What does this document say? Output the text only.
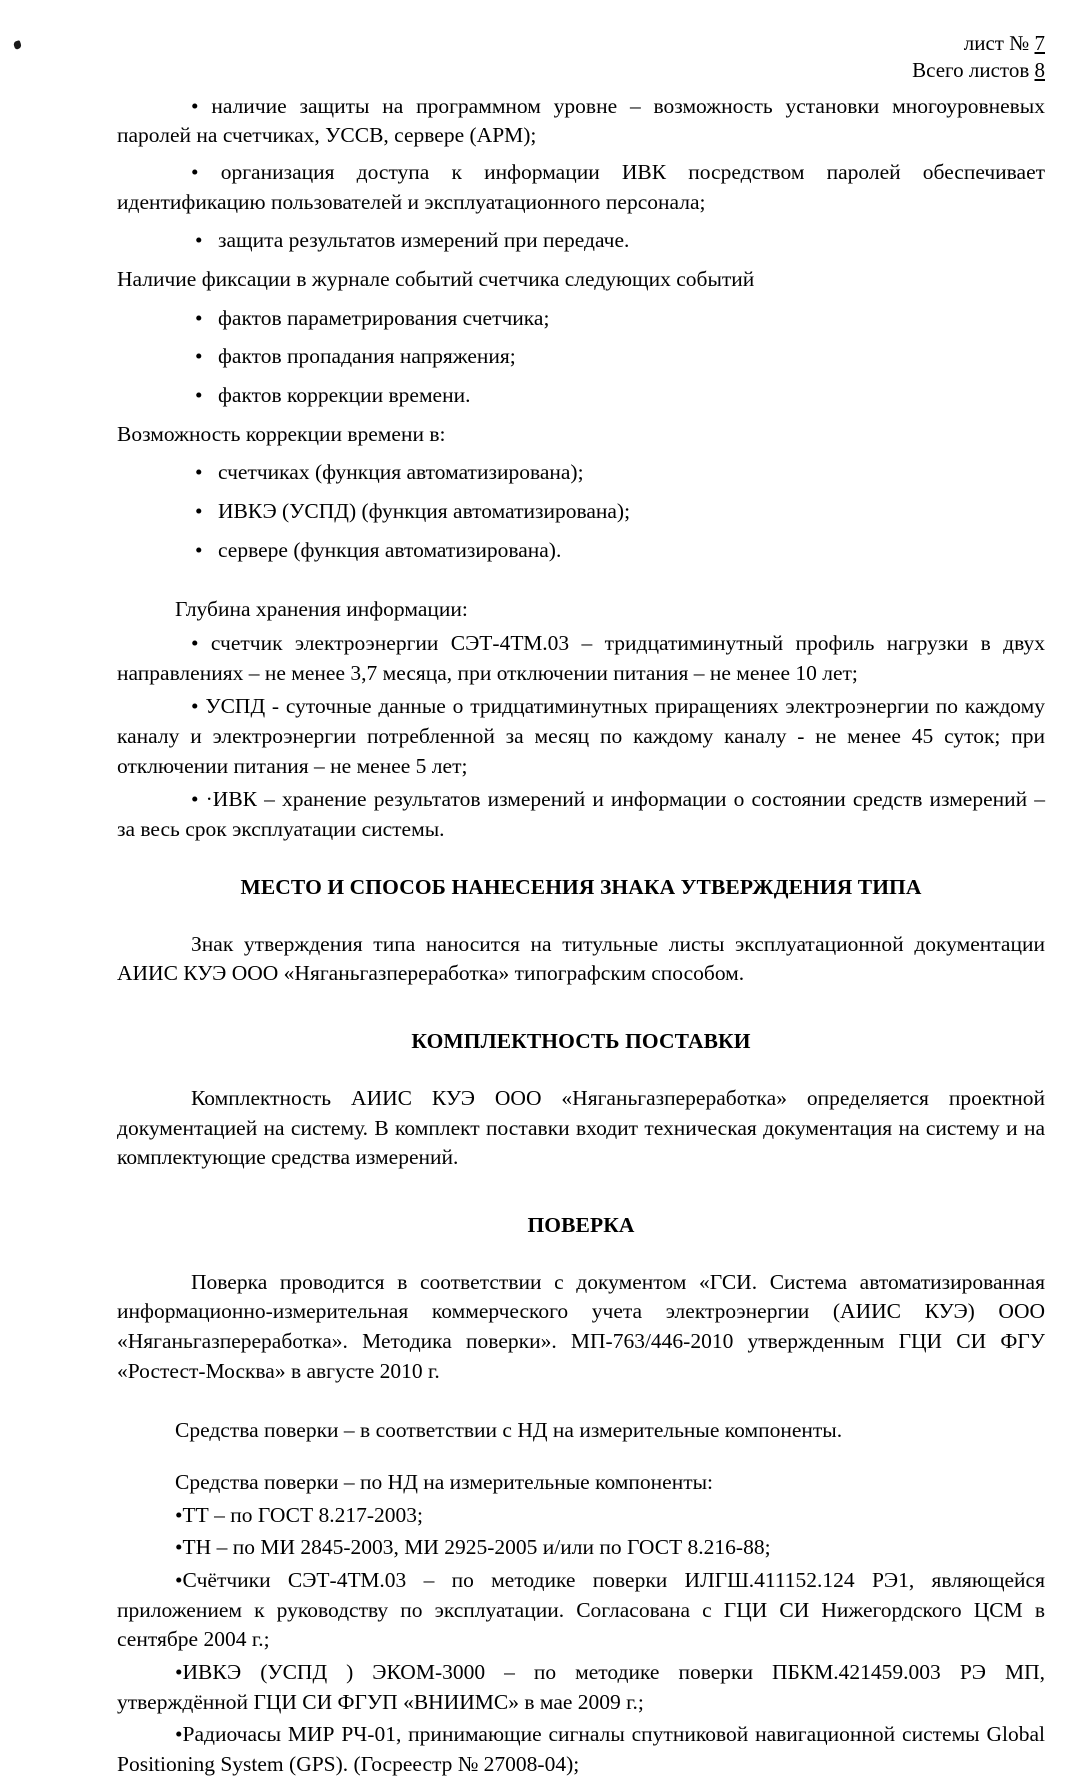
лист № 7
Всего листов 8

• наличие защиты на программном уровне – возможность установки многоуровневых паролей на счетчиках, УССВ, сервере (АРМ);

• организация доступа к информации ИВК посредством паролей обеспечивает идентификацию пользователей и эксплуатационного персонала;

• защита результатов измерений при передаче.

Наличие фиксации в журнале событий счетчика следующих событий

• фактов параметрирования счетчика;

• фактов пропадания напряжения;

• фактов коррекции времени.

Возможность коррекции времени в:

• счетчиках (функция автоматизирована);

• ИВКЭ (УСПД) (функция автоматизирована);

• сервере (функция автоматизирована).

Глубина хранения информации:

• счетчик электроэнергии СЭТ-4ТМ.03 – тридцатиминутный профиль нагрузки в двух направлениях – не менее 3,7 месяца, при отключении питания – не менее 10 лет;

• УСПД - суточные данные о тридцатиминутных приращениях электроэнергии по каждому каналу и электроэнергии потребленной за месяц по каждому каналу - не менее 45 суток; при отключении питания – не менее 5 лет;

• ·ИВК – хранение результатов измерений и информации о состоянии средств измерений – за весь срок эксплуатации системы.

МЕСТО И СПОСОБ НАНЕСЕНИЯ ЗНАКА УТВЕРЖДЕНИЯ ТИПА

Знак утверждения типа наносится на титульные листы эксплуатационной документации АИИС КУЭ ООО «Няганьгазпереработка» типографским способом.

КОМПЛЕКТНОСТЬ ПОСТАВКИ

Комплектность АИИС КУЭ ООО «Няганьгазпереработка» определяется проектной документацией на систему. В комплект поставки входит техническая документация на систему и на комплектующие средства измерений.

ПОВЕРКА

Поверка проводится в соответствии с документом «ГСИ. Система автоматизированная информационно-измерительная коммерческого учета электроэнергии (АИИС КУЭ) ООО «Няганьгазпереработка». Методика поверки». МП-763/446-2010 утвержденным ГЦИ СИ ФГУ «Ростест-Москва» в августе 2010 г.

Средства поверки – в соответствии с НД на измерительные компоненты.

Средства поверки – по НД на измерительные компоненты:

•ТТ – по ГОСТ 8.217-2003;

•ТН – по МИ 2845-2003, МИ 2925-2005 и/или по ГОСТ 8.216-88;

•Счётчики СЭТ-4ТМ.03 – по методике поверки ИЛГШ.411152.124 РЭ1, являющейся приложением к руководству по эксплуатации. Согласована с ГЦИ СИ Нижегордского ЦСМ в сентябре 2004 г.;

•ИВКЭ (УСПД ) ЭКОМ-3000 – по методике поверки ПБКМ.421459.003 РЭ МП, утверждённой ГЦИ СИ ФГУП «ВНИИМС» в мае 2009 г.;

•Радиочасы МИР РЧ-01, принимающие сигналы спутниковой навигационной системы Global Positioning System (GPS). (Госреестр № 27008-04);
